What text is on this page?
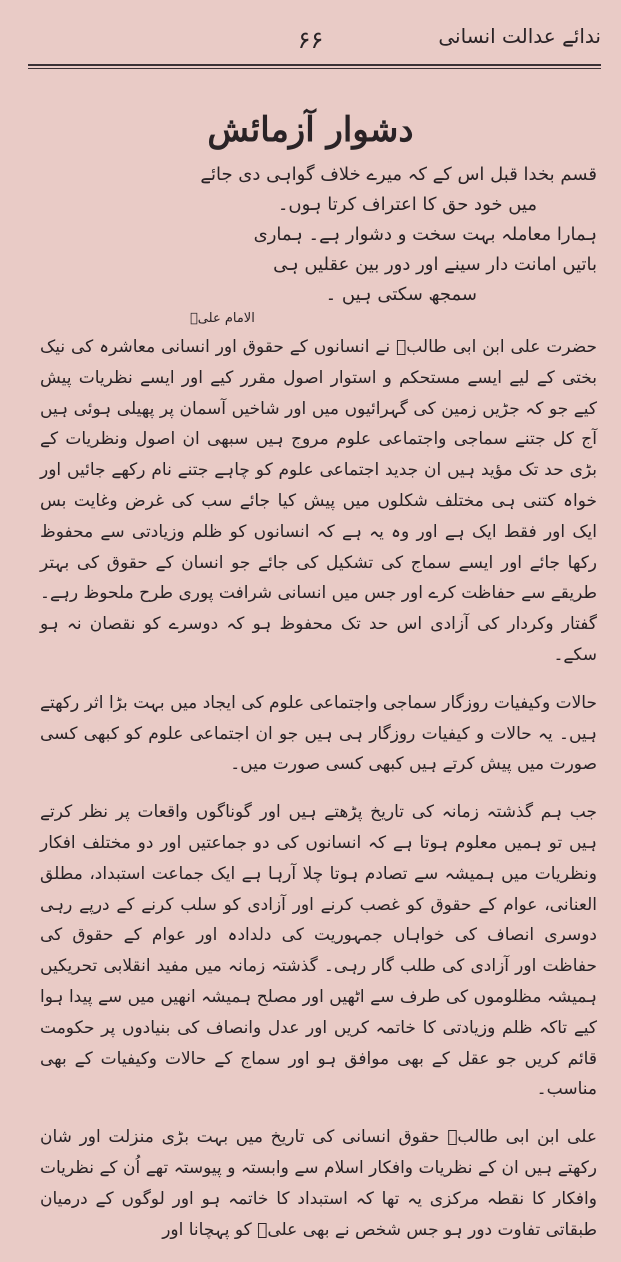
ندائے عدالت انسانی
۶۶
دشوار آزمائش

قسم بخدا قبل اس کے کہ میرے خلاف گواہی دی جائے

میں خود حق کا اعتراف کرتا ہوں۔

ہمارا معاملہ بہت سخت و دشوار ہے۔ ہماری

باتیں امانت دار سینے اور دور بین عقلیں ہی

سمجھ سکتی ہیں ۔

الامام علیؑ

حضرت علی ابن ابی طالبؑ نے انسانوں کے حقوق اور انسانی معاشرہ کی نیک بختی کے لیے ایسے مستحکم و استوار اصول مقرر کیے اور ایسے نظریات پیش کیے جو کہ جڑیں زمین کی گہرائیوں میں اور شاخیں آسمان پر پھیلی ہوئی ہیں آج کل جتنے سماجی واجتماعی علوم مروج ہیں سبھی ان اصول ونظریات کے بڑی حد تک مؤید ہیں ان جدید اجتماعی علوم کو چاہے جتنے نام رکھے جائیں اور خواہ کتنی ہی مختلف شکلوں میں پیش کیا جائے سب کی غرض وغایت بس ایک اور فقط ایک ہے اور وہ یہ ہے کہ انسانوں کو ظلم وزیادتی سے محفوظ رکھا جائے اور ایسے سماج کی تشکیل کی جائے جو انسان کے حقوق کی بہتر طریقے سے حفاظت کرے اور جس میں انسانی شرافت پوری طرح ملحوظ رہے۔ گفتار وکردار کی آزادی اس حد تک محفوظ ہو کہ دوسرے کو نقصان نہ ہو سکے۔

حالات وکیفیات روزگار سماجی واجتماعی علوم کی ایجاد میں بہت بڑا اثر رکھتے ہیں۔ یہ حالات و کیفیات روزگار ہی ہیں جو ان اجتماعی علوم کو کبھی کسی صورت میں پیش کرتے ہیں کبھی کسی صورت میں۔

جب ہم گذشتہ زمانہ کی تاریخ پڑھتے ہیں اور گوناگوں واقعات پر نظر کرتے ہیں تو ہمیں معلوم ہوتا ہے کہ انسانوں کی دو جماعتیں اور دو مختلف افکار ونظریات میں ہمیشہ سے تصادم ہوتا چلا آرہا ہے ایک جماعت استبداد، مطلق العنانی، عوام کے حقوق کو غصب کرنے اور آزادی کو سلب کرنے کے درپے رہی دوسری انصاف کی خواہاں جمہوریت کی دلدادہ اور عوام کے حقوق کی حفاظت اور آزادی کی طلب گار رہی۔ گذشتہ زمانہ میں مفید انقلابی تحریکیں ہمیشہ مظلوموں کی طرف سے اٹھیں اور مصلح ہمیشہ انھیں میں سے پیدا ہوا کیے تاکہ ظلم وزیادتی کا خاتمہ کریں اور عدل وانصاف کی بنیادوں پر حکومت قائم کریں جو عقل کے بھی موافق ہو اور سماج کے حالات وکیفیات کے بھی مناسب۔

علی ابن ابی طالبؑ حقوق انسانی کی تاریخ میں بہت بڑی منزلت اور شان رکھتے ہیں ان کے نظریات وافکار اسلام سے وابستہ و پیوستہ تھے اُن کے نظریات وافکار کا نقطہ مرکزی یہ تھا کہ استبداد کا خاتمہ ہو اور لوگوں کے درمیان طبقاتی تفاوت دور ہو جس شخص نے بھی علیؑ کو پہچانا اور
